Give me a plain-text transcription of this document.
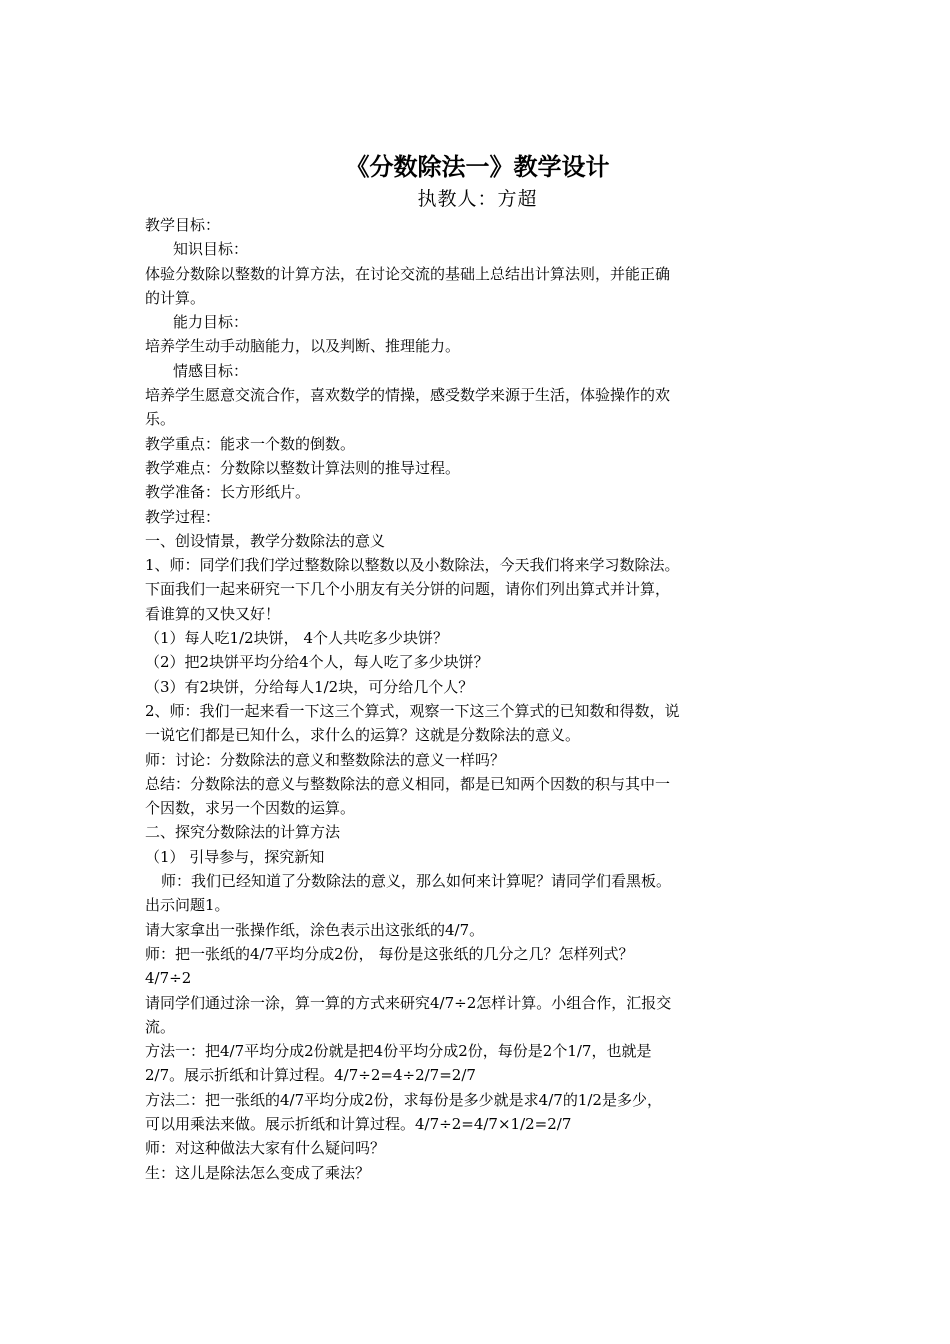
《分数除法一》教学设计
执教人：方超

教学目标：

知识目标：

体验分数除以整数的计算方法，在讨论交流的基础上总结出计算法则，并能正确

的计算。

能力目标：

培养学生动手动脑能力，以及判断、推理能力。

情感目标：

培养学生愿意交流合作，喜欢数学的情操，感受数学来源于生活，体验操作的欢

乐。

教学重点：能求一个数的倒数。

教学难点：分数除以整数计算法则的推导过程。

教学准备：长方形纸片。

教学过程：

一、创设情景，教学分数除法的意义

1、师：同学们我们学过整数除以整数以及小数除法，今天我们将来学习数除法。

下面我们一起来研究一下几个小朋友有关分饼的问题，请你们列出算式并计算，

看谁算的又快又好！

（1）每人吃1/2块饼， 4个人共吃多少块饼？

（2）把2块饼平均分给4个人，每人吃了多少块饼？

（3）有2块饼，分给每人1/2块，可分给几个人？

2、师：我们一起来看一下这三个算式，观察一下这三个算式的已知数和得数，说

一说它们都是已知什么，求什么的运算？这就是分数除法的意义。

师：讨论：分数除法的意义和整数除法的意义一样吗？

总结：分数除法的意义与整数除法的意义相同，都是已知两个因数的积与其中一

个因数，求另一个因数的运算。

二、探究分数除法的计算方法

（1） 引导参与，探究新知

师：我们已经知道了分数除法的意义，那么如何来计算呢？请同学们看黑板。

出示问题1。

请大家拿出一张操作纸，涂色表示出这张纸的4/7。

师：把一张纸的4/7平均分成2份， 每份是这张纸的几分之几？怎样列式？

4/7÷2

请同学们通过涂一涂，算一算的方式来研究4/7÷2怎样计算。小组合作，汇报交

流。

方法一：把4/7平均分成2份就是把4份平均分成2份，每份是2个1/7，也就是

2/7。展示折纸和计算过程。4/7÷2=4÷2/7=2/7

方法二：把一张纸的4/7平均分成2份，求每份是多少就是求4/7的1/2是多少，

可以用乘法来做。展示折纸和计算过程。4/7÷2=4/7×1/2=2/7

师：对这种做法大家有什么疑问吗？

生：这儿是除法怎么变成了乘法？
